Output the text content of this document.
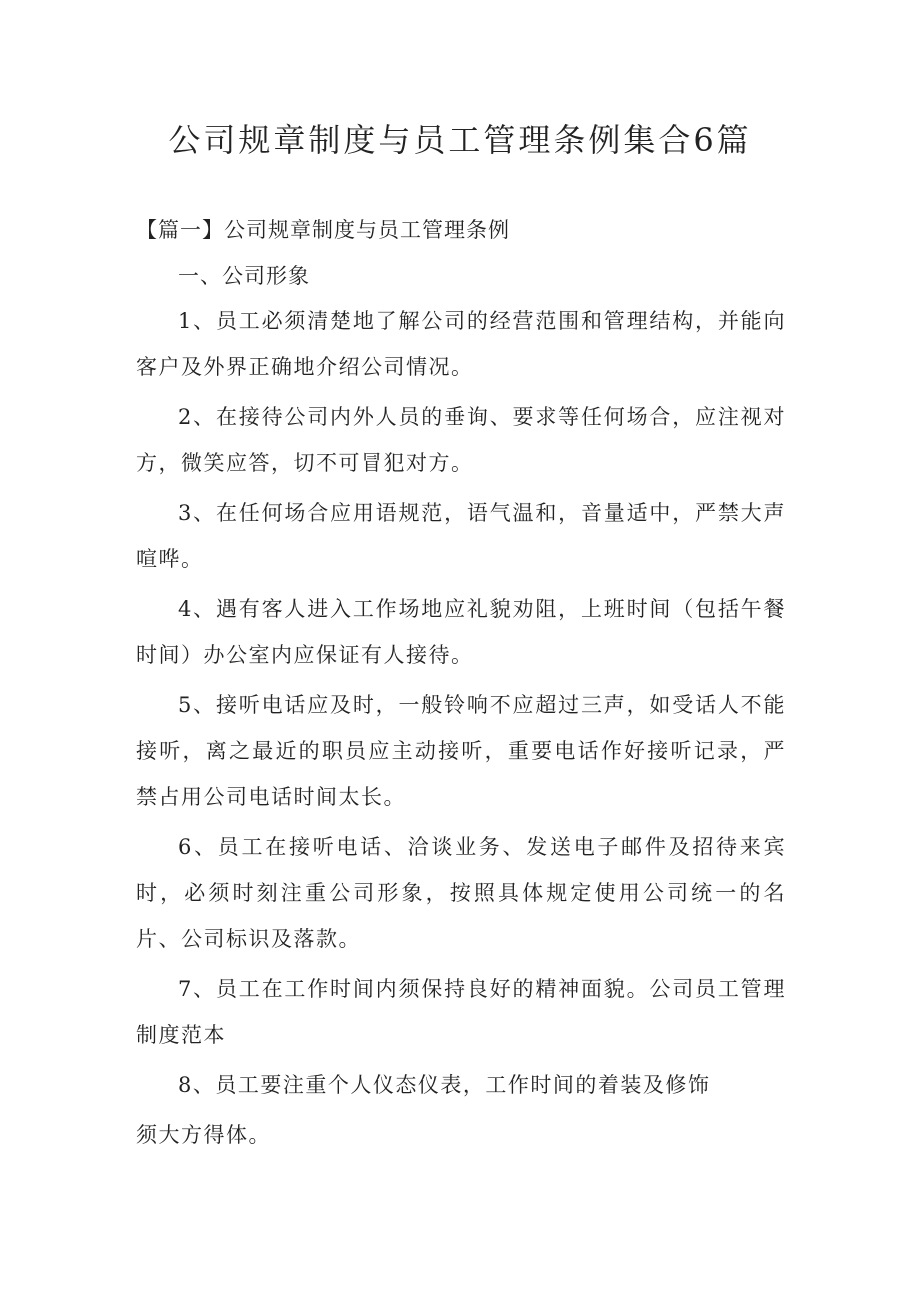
公司规章制度与员工管理条例集合6篇

【篇一】公司规章制度与员工管理条例

一、公司形象

1、员工必须清楚地了解公司的经营范围和管理结构，并能向客户及外界正确地介绍公司情况。

2、在接待公司内外人员的垂询、要求等任何场合，应注视对方，微笑应答，切不可冒犯对方。

3、在任何场合应用语规范，语气温和，音量适中，严禁大声喧哗。

4、遇有客人进入工作场地应礼貌劝阻，上班时间（包括午餐时间）办公室内应保证有人接待。

5、接听电话应及时，一般铃响不应超过三声，如受话人不能接听，离之最近的职员应主动接听，重要电话作好接听记录，严禁占用公司电话时间太长。

6、员工在接听电话、洽谈业务、发送电子邮件及招待来宾时，必须时刻注重公司形象，按照具体规定使用公司统一的名片、公司标识及落款。

7、员工在工作时间内须保持良好的精神面貌。公司员工管理制度范本

8、员工要注重个人仪态仪表，工作时间的着装及修饰

须大方得体。
